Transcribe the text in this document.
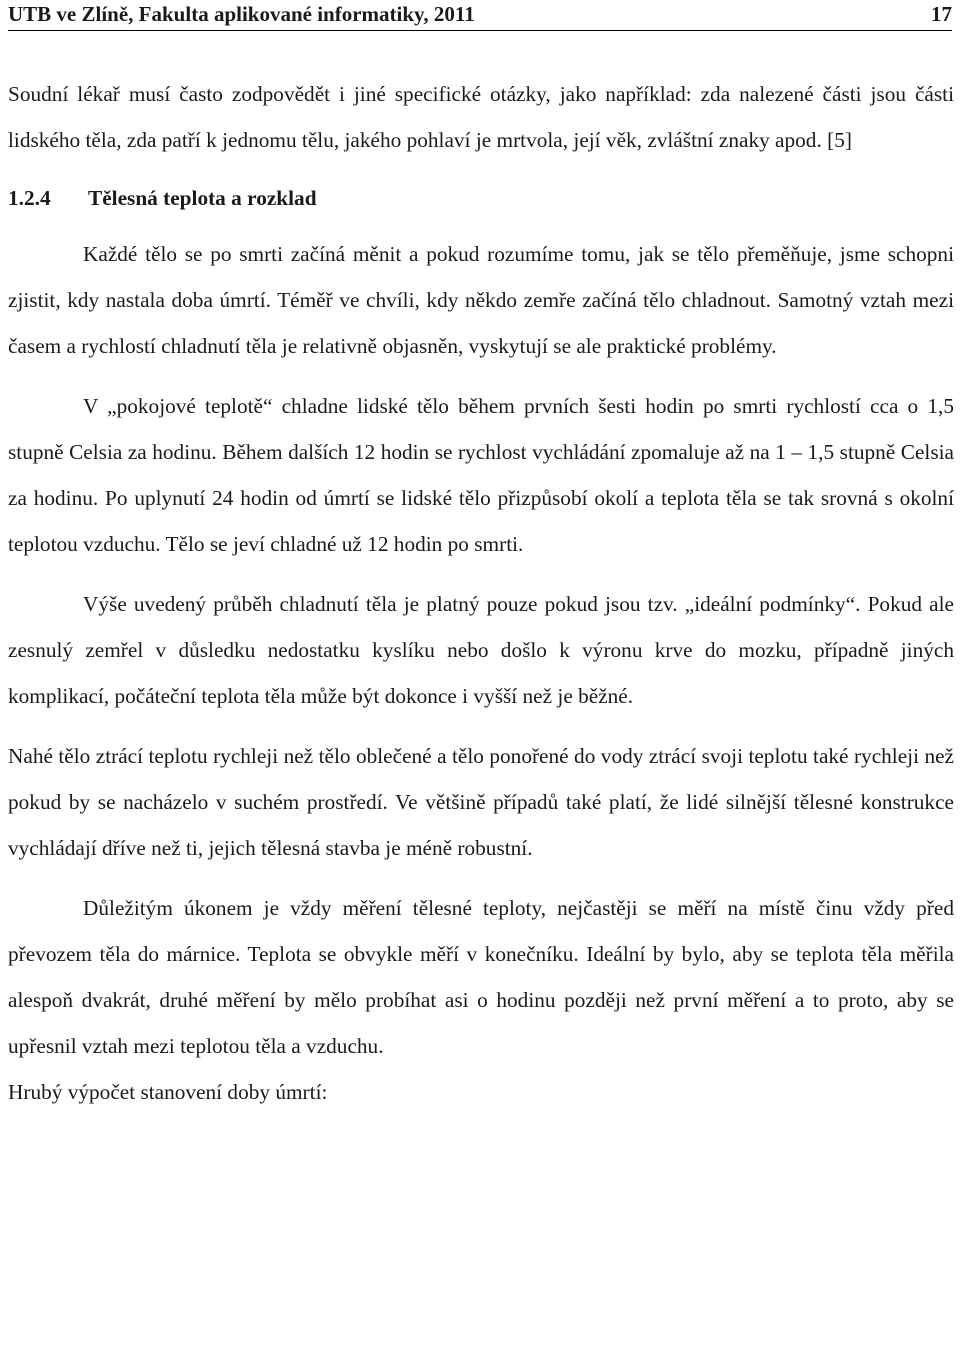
UTB ve Zlíně, Fakulta aplikované informatiky, 2011	17

Soudní lékař musí často zodpovědět i jiné specifické otázky, jako například: zda nalezené části jsou části lidského těla, zda patří k jednomu tělu, jakého pohlaví je mrtvola, její věk, zvláštní znaky apod. [5]

1.2.4 Tělesná teplota a rozklad

Každé tělo se po smrti začíná měnit a pokud rozumíme tomu, jak se tělo přeměňuje, jsme schopni zjistit, kdy nastala doba úmrtí. Téměř ve chvíli, kdy někdo zemře začíná tělo chladnout. Samotný vztah mezi časem a rychlostí chladnutí těla je relativně objasněn, vyskytují se ale praktické problémy.

V „pokojové teplotě“ chladne lidské tělo během prvních šesti hodin po smrti rychlostí cca o 1,5 stupně Celsia za hodinu. Během dalších 12 hodin se rychlost vychládání zpomaluje až na 1 – 1,5 stupně Celsia za hodinu. Po uplynutí 24 hodin od úmrtí se lidské tělo přizpůsobí okolí a teplota těla se tak srovná s okolní teplotou vzduchu. Tělo se jeví chladné už 12 hodin po smrti.

Výše uvedený průběh chladnutí těla je platný pouze pokud jsou tzv. „ideální podmínky“. Pokud ale zesnulý zemřel v důsledku nedostatku kyslíku nebo došlo k výronu krve do mozku, případně jiných komplikací, počáteční teplota těla může být dokonce i vyšší než je běžné.

Nahé tělo ztrácí teplotu rychleji než tělo oblečené a tělo ponořené do vody ztrácí svoji teplotu také rychleji než pokud by se nacházelo v suchém prostředí. Ve většině případů také platí, že lidé silnější tělesné konstrukce vychládají dříve než ti, jejich tělesná stavba je méně robustní.

Důležitým úkonem je vždy měření tělesné teploty, nejčastěji se měří na místě činu vždy před převozem těla do márnice. Teplota se obvykle měří v konečníku. Ideální by bylo, aby se teplota těla měřila alespoň dvakrát, druhé měření by mělo probíhat asi o hodinu později než první měření a to proto, aby se upřesnil vztah mezi teplotou těla a vzduchu.

Hrubý výpočet stanovení doby úmrtí:
